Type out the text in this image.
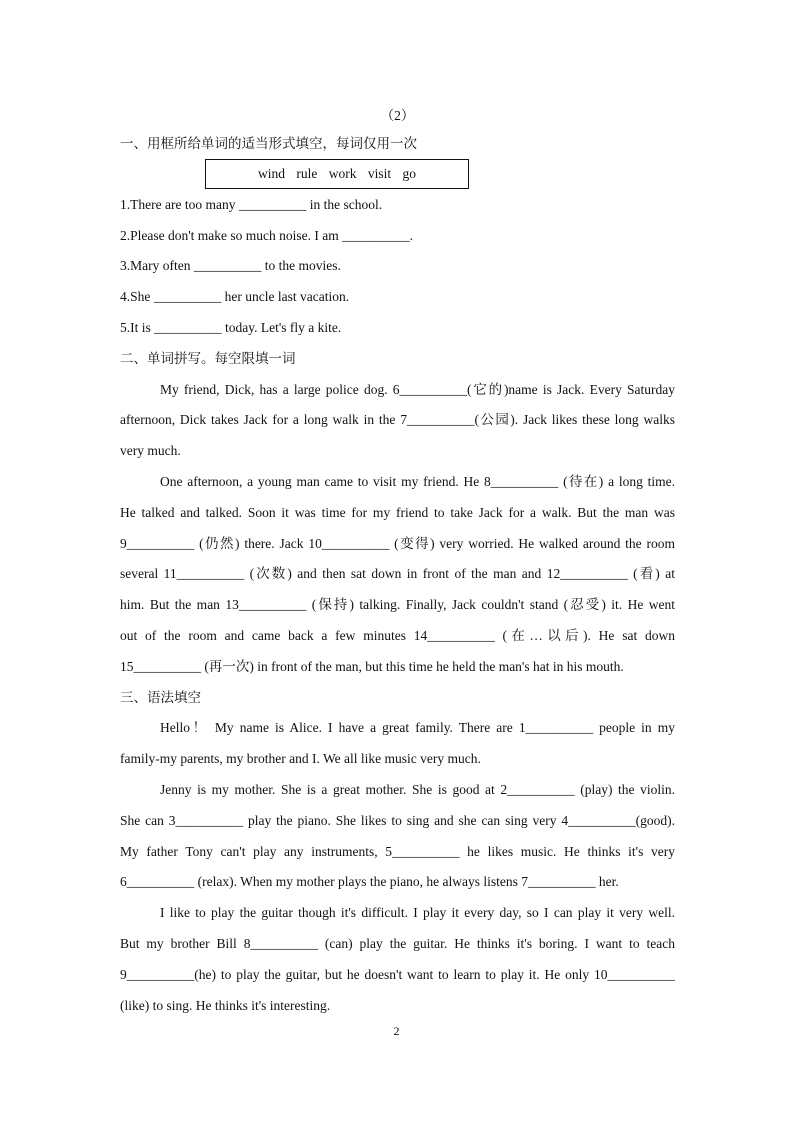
wind rule work visit go
（2）
一、用框所给单词的适当形式填空，每词仅用一次
1.There are too many __________ in the school.
2.Please don't make so much noise. I am __________.
3.Mary often __________ to the movies.
4.She __________ her uncle last vacation.
5.It is __________ today. Let's fly a kite.
二、单词拼写。每空限填一词
My friend, Dick, has a large police dog. 6__________(它的)name is Jack. Every Saturday
afternoon, Dick takes Jack for a long walk in the 7__________(公园). Jack likes these long walks
very much.
One afternoon, a young man came to visit my friend. He 8__________ (待在) a long time.
He talked and talked. Soon it was time for my friend to take Jack for a walk. But the man was
9__________ (仍然) there. Jack 10__________ (变得) very worried. He walked around the room
several 11__________ (次数) and then sat down in front of the man and 12__________ (看) at
him. But the man 13__________ (保持) talking. Finally, Jack couldn't stand (忍受) it. He went
out of the room and came back a few minutes 14__________ (在…以后). He sat down
15__________ (再一次) in front of the man, but this time he held the man's hat in his mouth.
三、语法填空
Hello！ My name is Alice. I have a great family. There are 1__________ people in my
family-my parents, my brother and I. We all like music very much.
Jenny is my mother. She is a great mother. She is good at 2__________ (play) the violin.
She can 3__________ play the piano. She likes to sing and she can sing very 4__________(good).
My father Tony can't play any instruments, 5__________ he likes music. He thinks it's very
6__________ (relax). When my mother plays the piano, he always listens 7__________ her.
I like to play the guitar though it's difficult. I play it every day, so I can play it very well.
But my brother Bill 8__________ (can) play the guitar. He thinks it's boring. I want to teach
9__________(he) to play the guitar, but he doesn't want to learn to play it. He only 10__________
(like) to sing. He thinks it's interesting.
2
